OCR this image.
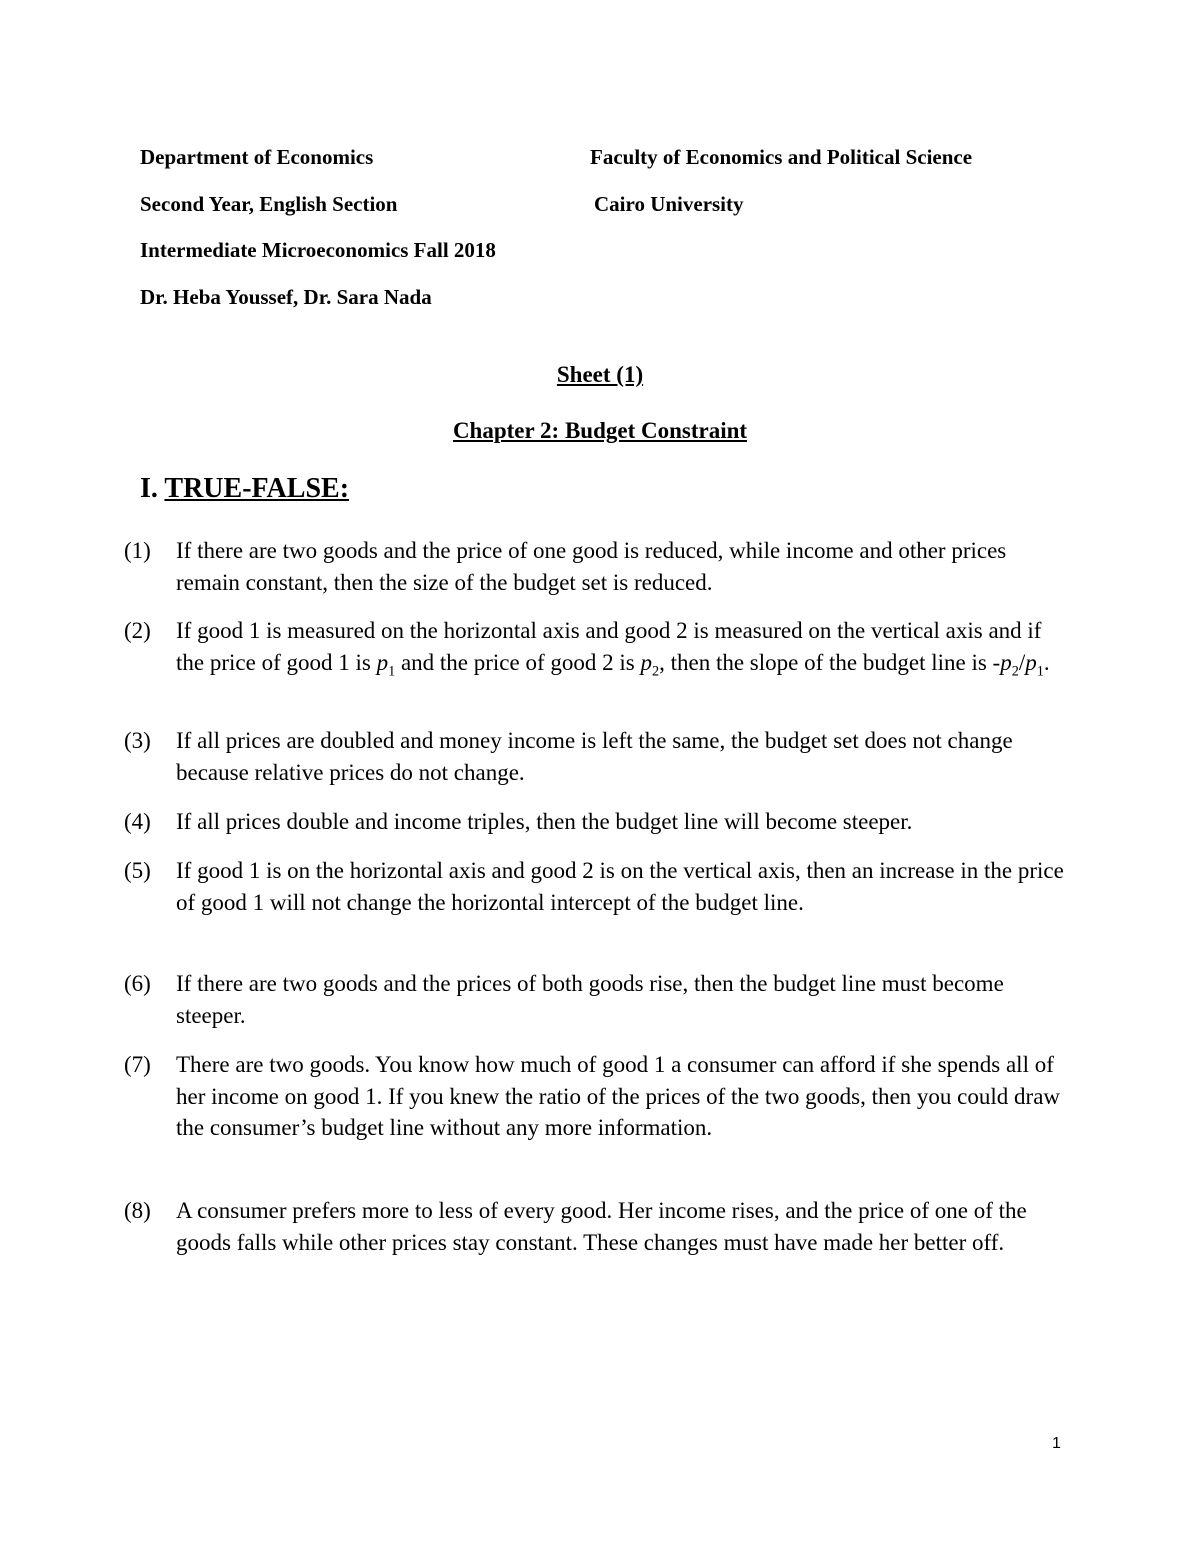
Department of Economics
Second Year, English Section
Intermediate Microeconomics Fall 2018
Dr. Heba Youssef, Dr. Sara Nada
Faculty of Economics and Political Science
Cairo University
Sheet (1)
Chapter 2: Budget Constraint
I. TRUE-FALSE:
(1) If there are two goods and the price of one good is reduced, while income and other prices remain constant, then the size of the budget set is reduced.
(2) If good 1 is measured on the horizontal axis and good 2 is measured on the vertical axis and if the price of good 1 is $p_1$ and the price of good 2 is $p_2$, then the slope of the budget line is $-p_2/p_1$.
(3) If all prices are doubled and money income is left the same, the budget set does not change because relative prices do not change.
(4) If all prices double and income triples, then the budget line will become steeper.
(5) If good 1 is on the horizontal axis and good 2 is on the vertical axis, then an increase in the price of good 1 will not change the horizontal intercept of the budget line.
(6) If there are two goods and the prices of both goods rise, then the budget line must become steeper.
(7) There are two goods. You know how much of good 1 a consumer can afford if she spends all of her income on good 1. If you knew the ratio of the prices of the two goods, then you could draw the consumer’s budget line without any more information.
(8) A consumer prefers more to less of every good. Her income rises, and the price of one of the goods falls while other prices stay constant. These changes must have made her better off.
1
